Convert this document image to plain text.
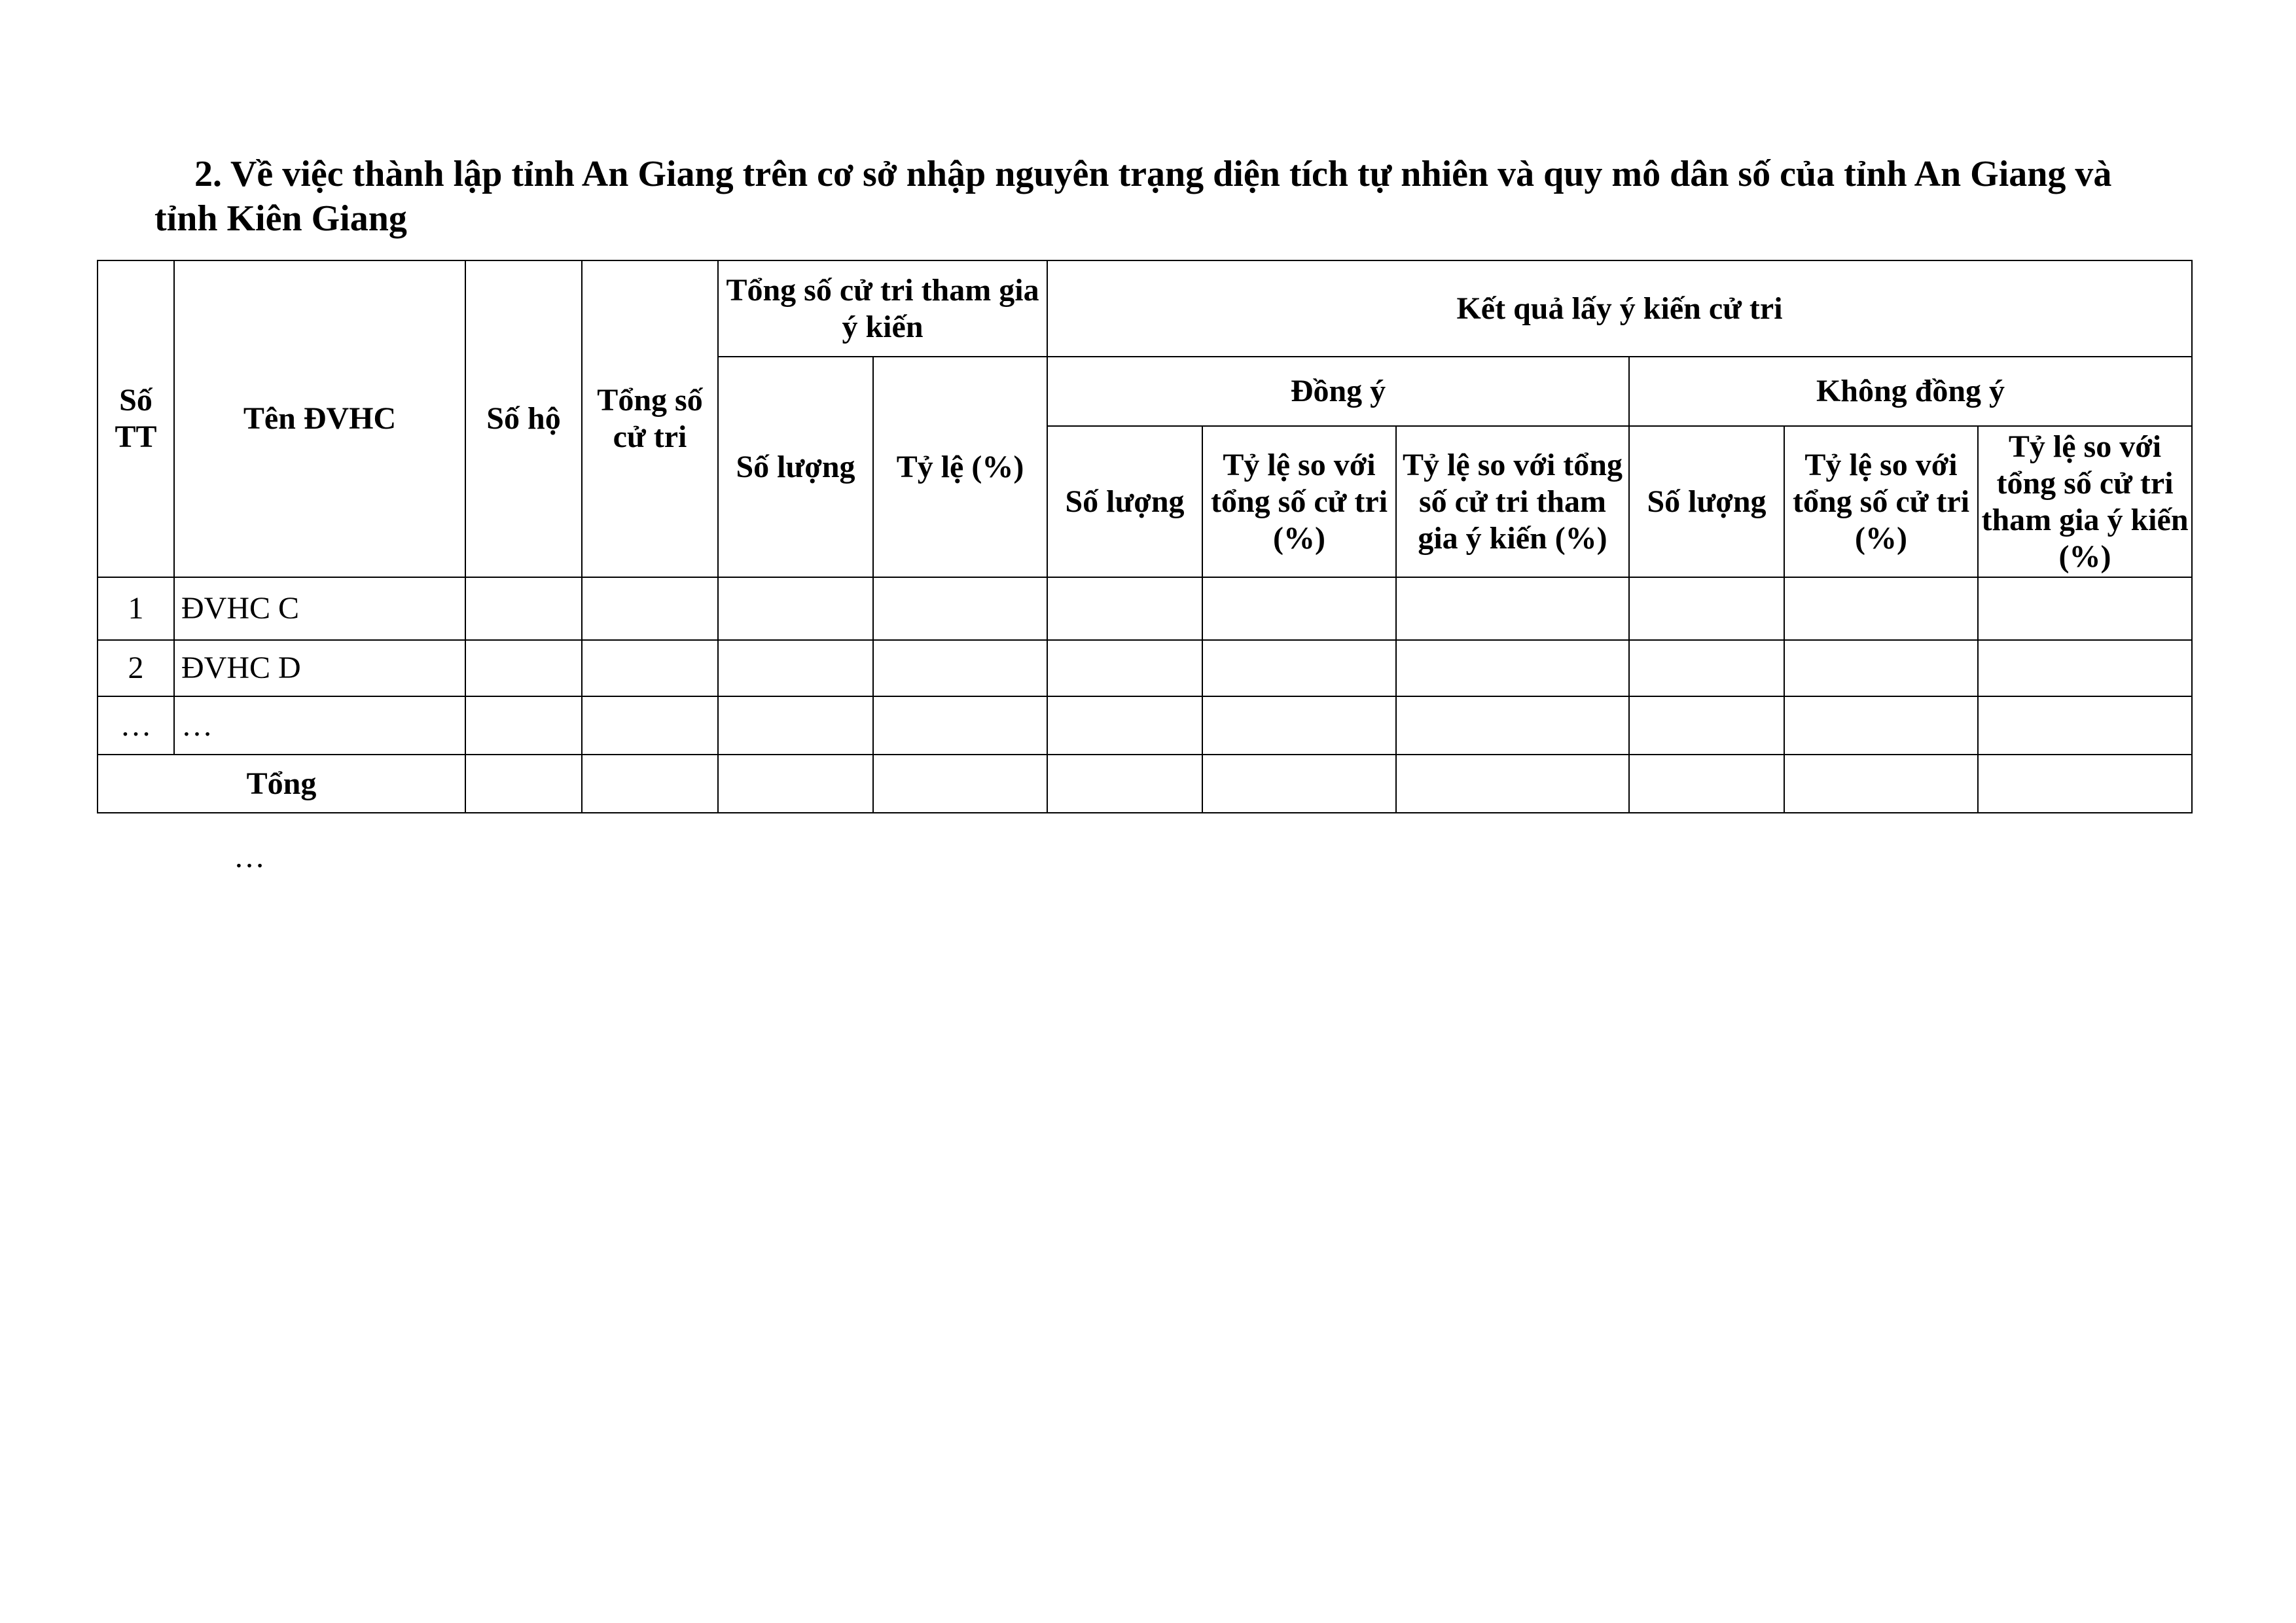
2. Về việc thành lập tỉnh An Giang trên cơ sở nhập nguyên trạng diện tích tự nhiên và quy mô dân số của tỉnh An Giang và
tỉnh Kiên Giang

Số TT	Tên ĐVHC	Số hộ	Tổng số cử tri	Tổng số cử tri tham gia ý kiến		Kết quả lấy ý kiến cử tri					
				Số lượng	Tỷ lệ (%)	Đồng ý			Không đồng ý		
						Số lượng	Tỷ lệ so với tổng số cử tri (%)	Tỷ lệ so với tổng số cử tri tham gia ý kiến (%)	Số lượng	Tỷ lệ so với tổng số cử tri (%)	Tỷ lệ so với tổng số cử tri tham gia ý kiến (%)
1	ĐVHC C										
2	ĐVHC D										
…	…										
Tổng											
…
